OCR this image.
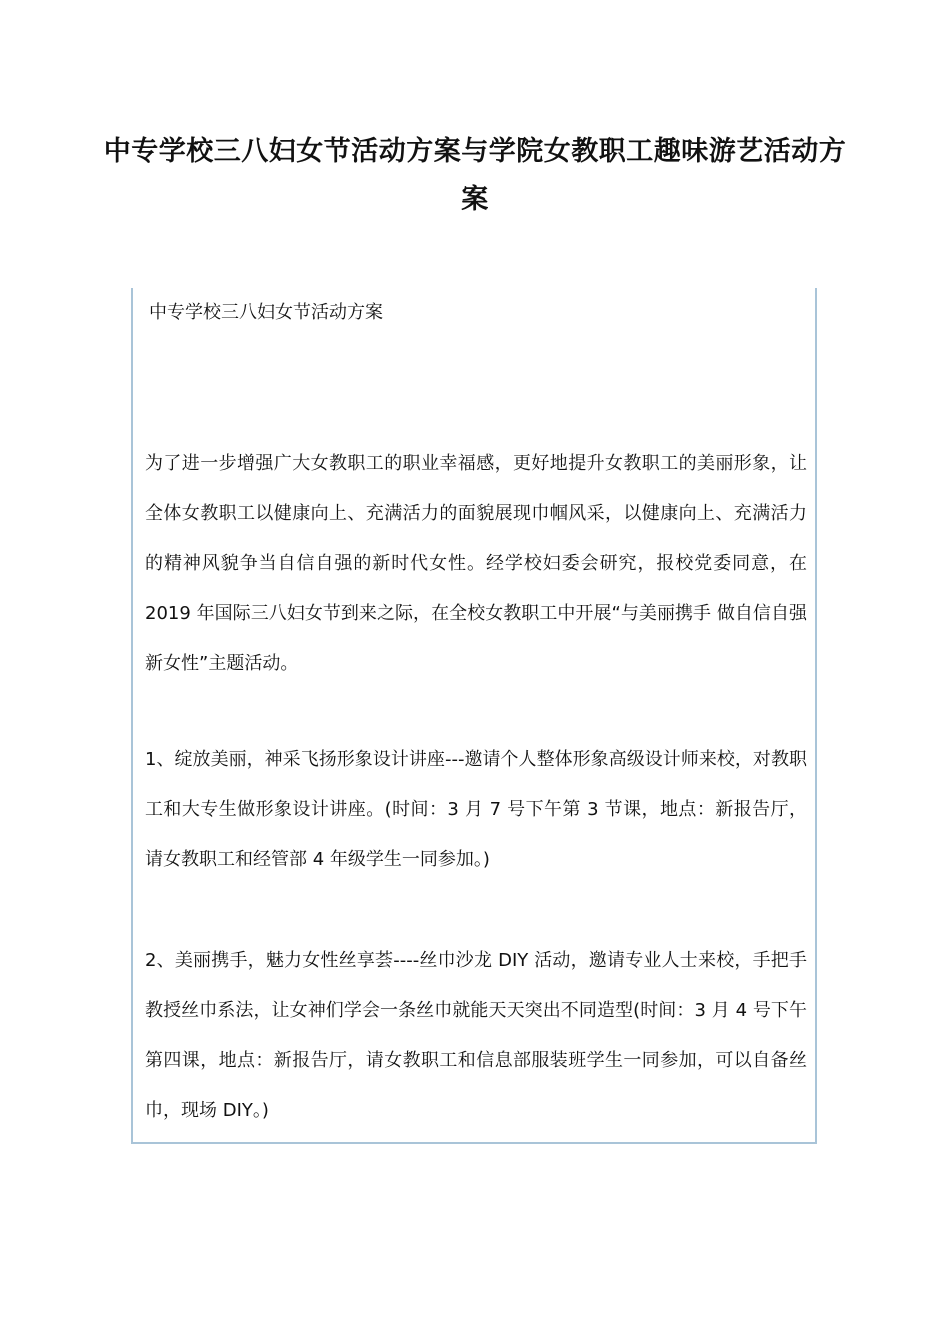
中专学校三八妇女节活动方案与学院女教职工趣味游艺活动方案

中专学校三八妇女节活动方案

为了进一步增强广大女教职工的职业幸福感，更好地提升女教职工的美丽形象，让全体女教职工以健康向上、充满活力的面貌展现巾帼风采，以健康向上、充满活力的精神风貌争当自信自强的新时代女性。经学校妇委会研究，报校党委同意，在 2019 年国际三八妇女节到来之际，在全校女教职工中开展“与美丽携手 做自信自强新女性”主题活动。

1、绽放美丽，神采飞扬形象设计讲座---邀请个人整体形象高级设计师来校，对教职工和大专生做形象设计讲座。(时间：3 月 7 号下午第 3 节课，地点：新报告厅，请女教职工和经管部 4 年级学生一同参加。)

2、美丽携手，魅力女性丝享荟----丝巾沙龙 DIY 活动，邀请专业人士来校，手把手教授丝巾系法，让女神们学会一条丝巾就能天天突出不同造型(时间：3 月 4 号下午第四课，地点：新报告厅，请女教职工和信息部服装班学生一同参加，可以自备丝巾，现场 DIY。)
